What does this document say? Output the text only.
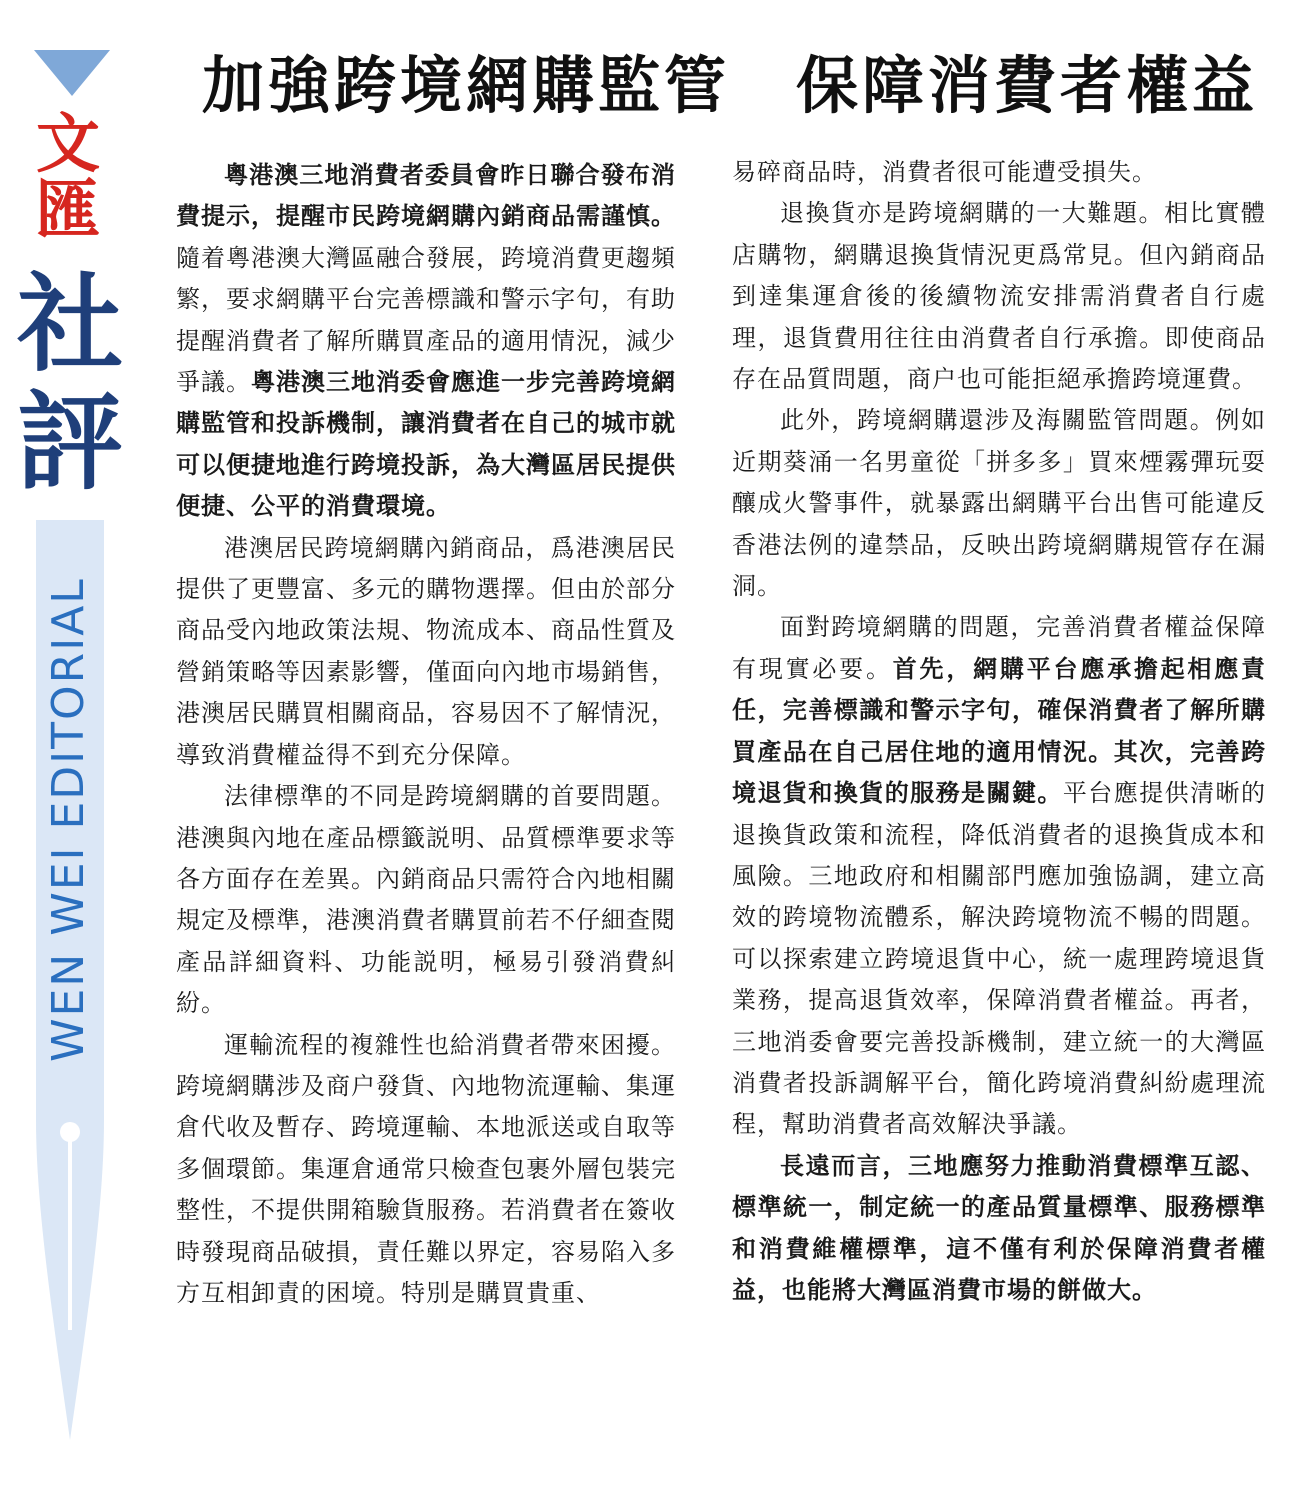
文匯
社評
WEN WEI EDITORIAL
加強跨境網購監管　保障消費者權益

粵港澳三地消費者委員會昨日聯合發布消費提示，提醒市民跨境網購內銷商品需謹慎。隨着粵港澳大灣區融合發展，跨境消費更趨頻繁，要求網購平台完善標識和警示字句，有助提醒消費者了解所購買產品的適用情況，減少爭議。粵港澳三地消委會應進一步完善跨境網購監管和投訴機制，讓消費者在自己的城市就可以便捷地進行跨境投訴，為大灣區居民提供便捷、公平的消費環境。

港澳居民跨境網購內銷商品，爲港澳居民提供了更豐富、多元的購物選擇。但由於部分商品受內地政策法規、物流成本、商品性質及營銷策略等因素影響，僅面向內地市場銷售，港澳居民購買相關商品，容易因不了解情況，導致消費權益得不到充分保障。

法律標準的不同是跨境網購的首要問題。港澳與內地在產品標籤説明、品質標準要求等各方面存在差異。內銷商品只需符合內地相關規定及標準，港澳消費者購買前若不仔細查閱產品詳細資料、功能説明，極易引發消費糾紛。

運輸流程的複雜性也給消費者帶來困擾。跨境網購涉及商户發貨、內地物流運輸、集運倉代收及暫存、跨境運輸、本地派送或自取等多個環節。集運倉通常只檢查包裹外層包裝完整性，不提供開箱驗貨服務。若消費者在簽收時發現商品破損，責任難以界定，容易陷入多方互相卸責的困境。特別是購買貴重、

易碎商品時，消費者很可能遭受損失。

退換貨亦是跨境網購的一大難題。相比實體店購物，網購退換貨情況更爲常見。但內銷商品到達集運倉後的後續物流安排需消費者自行處理，退貨費用往往由消費者自行承擔。即使商品存在品質問題，商户也可能拒絕承擔跨境運費。

此外，跨境網購還涉及海關監管問題。例如近期葵涌一名男童從「拼多多」買來煙霧彈玩耍釀成火警事件，就暴露出網購平台出售可能違反香港法例的違禁品，反映出跨境網購規管存在漏洞。

面對跨境網購的問題，完善消費者權益保障有現實必要。首先，網購平台應承擔起相應責任，完善標識和警示字句，確保消費者了解所購買產品在自己居住地的適用情況。其次，完善跨境退貨和換貨的服務是關鍵。平台應提供清晰的退換貨政策和流程，降低消費者的退換貨成本和風險。三地政府和相關部門應加強協調，建立高效的跨境物流體系，解決跨境物流不暢的問題。可以探索建立跨境退貨中心，統一處理跨境退貨業務，提高退貨效率，保障消費者權益。再者，三地消委會要完善投訴機制，建立統一的大灣區消費者投訴調解平台，簡化跨境消費糾紛處理流程，幫助消費者高效解決爭議。

長遠而言，三地應努力推動消費標準互認、標準統一，制定統一的產品質量標準、服務標準和消費維權標準，這不僅有利於保障消費者權益，也能將大灣區消費市場的餅做大。
